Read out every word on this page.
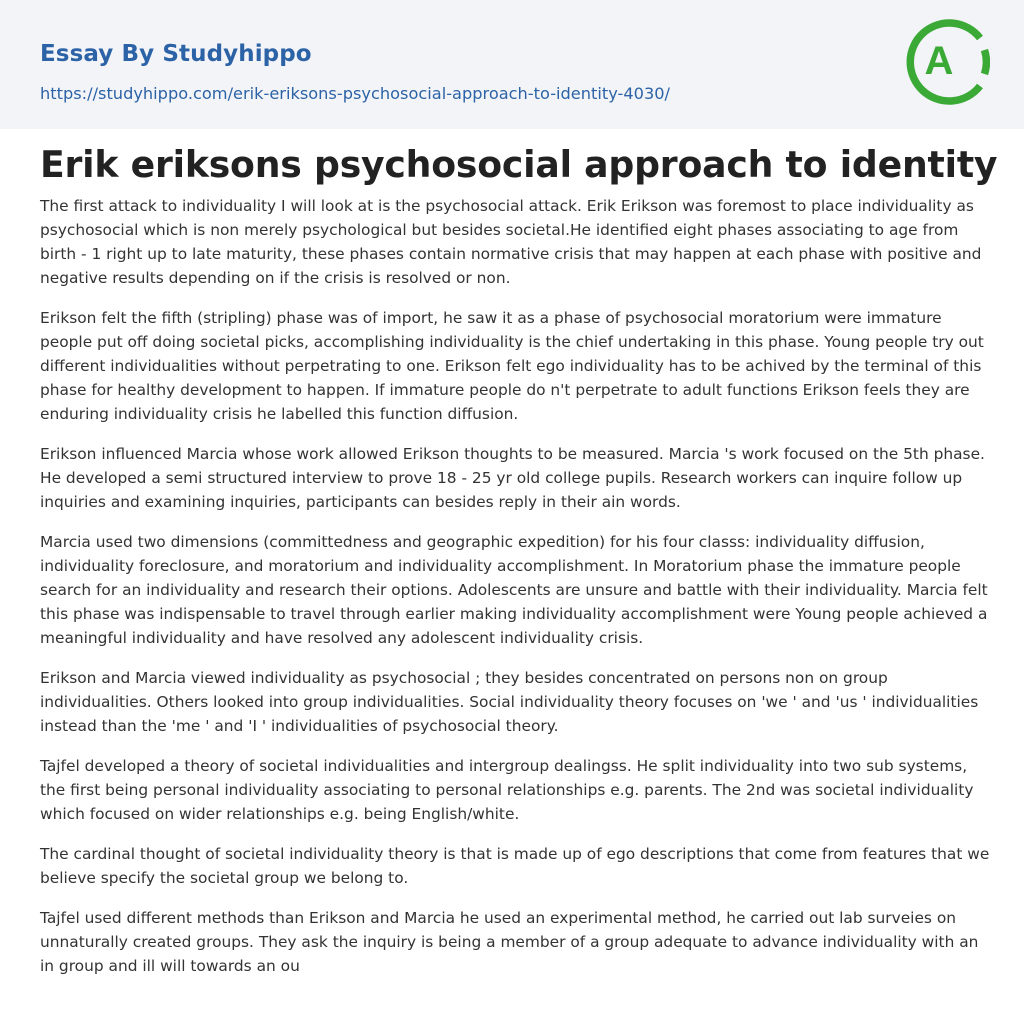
Essay By Studyhippo
https://studyhippo.com/erik-eriksons-psychosocial-approach-to-identity-4030/
A
Erik eriksons psychosocial approach to identity

The first attack to individuality I will look at is the psychosocial attack. Erik Erikson was foremost to place individuality as psychosocial which is non merely psychological but besides societal.He identified eight phases associating to age from birth - 1 right up to late maturity, these phases contain normative crisis that may happen at each phase with positive and negative results depending on if the crisis is resolved or non.

Erikson felt the fifth (stripling) phase was of import, he saw it as a phase of psychosocial moratorium were immature people put off doing societal picks, accomplishing individuality is the chief undertaking in this phase. Young people try out different individualities without perpetrating to one. Erikson felt ego individuality has to be achived by the terminal of this phase for healthy development to happen. If immature people do n't perpetrate to adult functions Erikson feels they are enduring individuality crisis he labelled this function diffusion.

Erikson influenced Marcia whose work allowed Erikson thoughts to be measured. Marcia 's work focused on the 5th phase. He developed a semi structured interview to prove 18 - 25 yr old college pupils. Research workers can inquire follow up inquiries and examining inquiries, participants can besides reply in their ain words.

Marcia used two dimensions (committedness and geographic expedition) for his four classs: individuality diffusion, individuality foreclosure, and moratorium and individuality accomplishment. In Moratorium phase the immature people search for an individuality and research their options. Adolescents are unsure and battle with their individuality. Marcia felt this phase was indispensable to travel through earlier making individuality accomplishment were Young people achieved a meaningful individuality and have resolved any adolescent individuality crisis.

Erikson and Marcia viewed individuality as psychosocial ; they besides concentrated on persons non on group individualities. Others looked into group individualities. Social individuality theory focuses on 'we ' and 'us ' individualities instead than the 'me ' and 'I ' individualities of psychosocial theory.

Tajfel developed a theory of societal individualities and intergroup dealingss. He split individuality into two sub systems, the first being personal individuality associating to personal relationships e.g. parents. The 2nd was societal individuality which focused on wider relationships e.g. being English/white.

The cardinal thought of societal individuality theory is that is made up of ego descriptions that come from features that we believe specify the societal group we belong to.

Tajfel used different methods than Erikson and Marcia he used an experimental method, he carried out lab surveies on unnaturally created groups. They ask the inquiry is being a member of a group adequate to advance individuality with an in group and ill will towards an ou
